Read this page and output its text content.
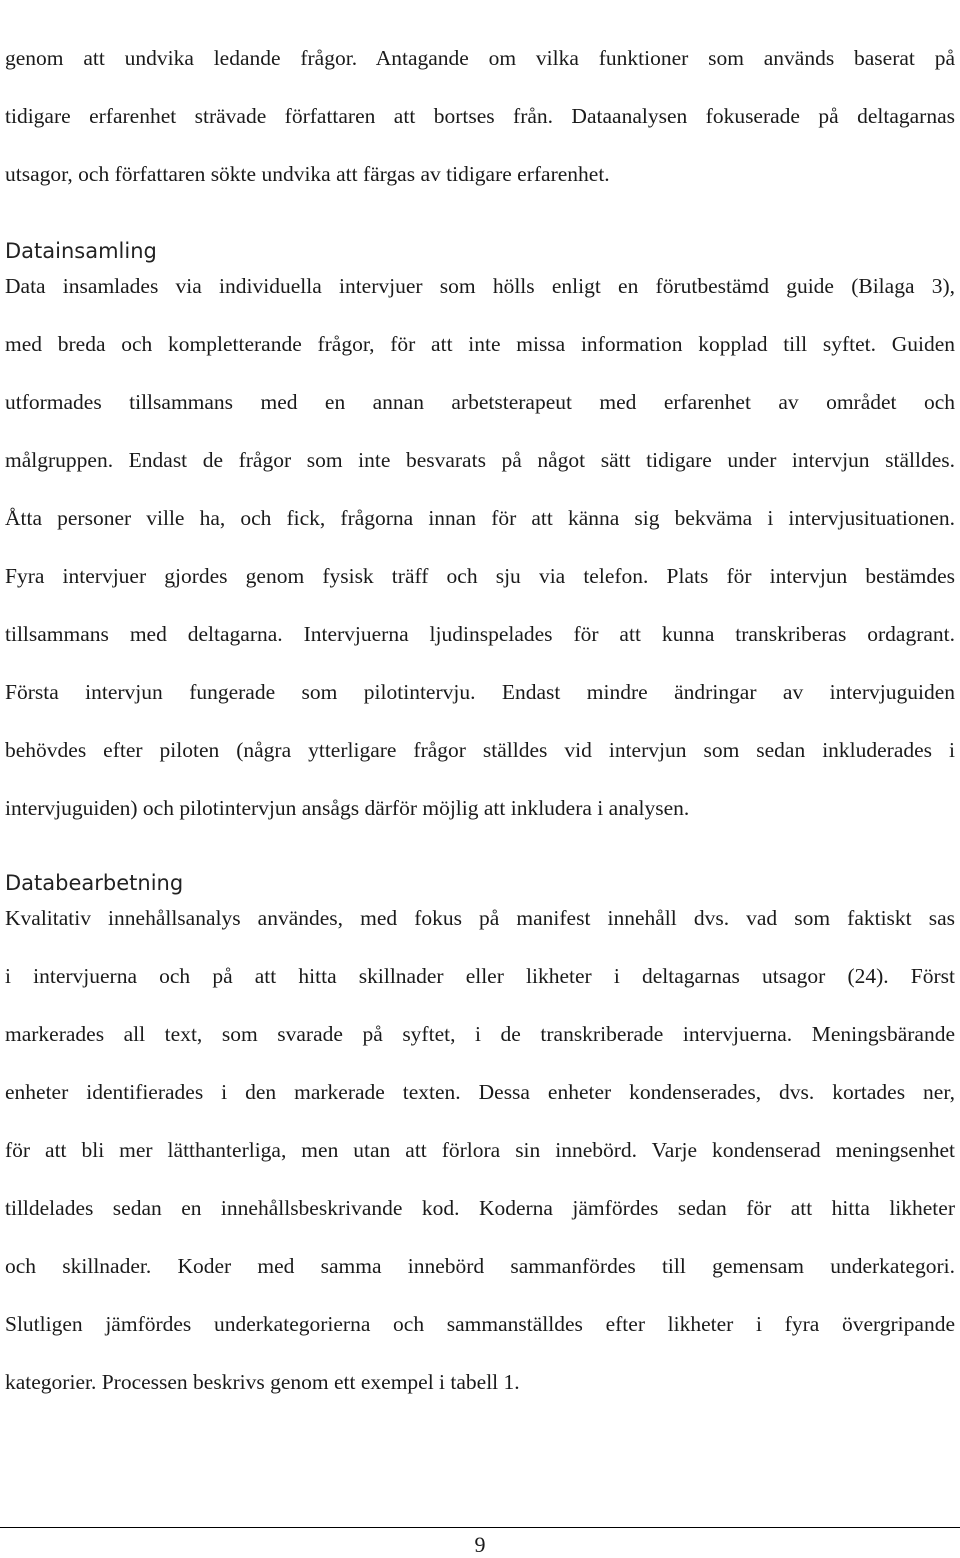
genom att undvika ledande frågor. Antagande om vilka funktioner som används baserat på
tidigare erfarenhet strävade författaren att bortses från. Dataanalysen fokuserade på deltagarnas
utsagor, och författaren sökte undvika att färgas av tidigare erfarenhet.
Datainsamling
Data insamlades via individuella intervjuer som hölls enligt en förutbestämd guide (Bilaga 3),
med breda och kompletterande frågor, för att inte missa information kopplad till syftet. Guiden
utformades tillsammans med en annan arbetsterapeut med erfarenhet av området och
målgruppen. Endast de frågor som inte besvarats på något sätt tidigare under intervjun ställdes.
Åtta personer ville ha, och fick, frågorna innan för att känna sig bekväma i intervjusituationen.
Fyra intervjuer gjordes genom fysisk träff och sju via telefon. Plats för intervjun bestämdes
tillsammans med deltagarna. Intervjuerna ljudinspelades för att kunna transkriberas ordagrant.
Första intervjun fungerade som pilotintervju. Endast mindre ändringar av intervjuguiden
behövdes efter piloten (några ytterligare frågor ställdes vid intervjun som sedan inkluderades i
intervjuguiden) och pilotintervjun ansågs därför möjlig att inkludera i analysen.
Databearbetning
Kvalitativ innehållsanalys användes, med fokus på manifest innehåll dvs. vad som faktiskt sas
i intervjuerna och på att hitta skillnader eller likheter i deltagarnas utsagor (24). Först
markerades all text, som svarade på syftet, i de transkriberade intervjuerna. Meningsbärande
enheter identifierades i den markerade texten. Dessa enheter kondenserades, dvs. kortades ner,
för att bli mer lätthanterliga, men utan att förlora sin innebörd. Varje kondenserad meningsenhet
tilldelades sedan en innehållsbeskrivande kod. Koderna jämfördes sedan för att hitta likheter
och skillnader. Koder med samma innebörd sammanfördes till gemensam underkategori.
Slutligen jämfördes underkategorierna och sammanställdes efter likheter i fyra övergripande
kategorier. Processen beskrivs genom ett exempel i tabell 1.
9
